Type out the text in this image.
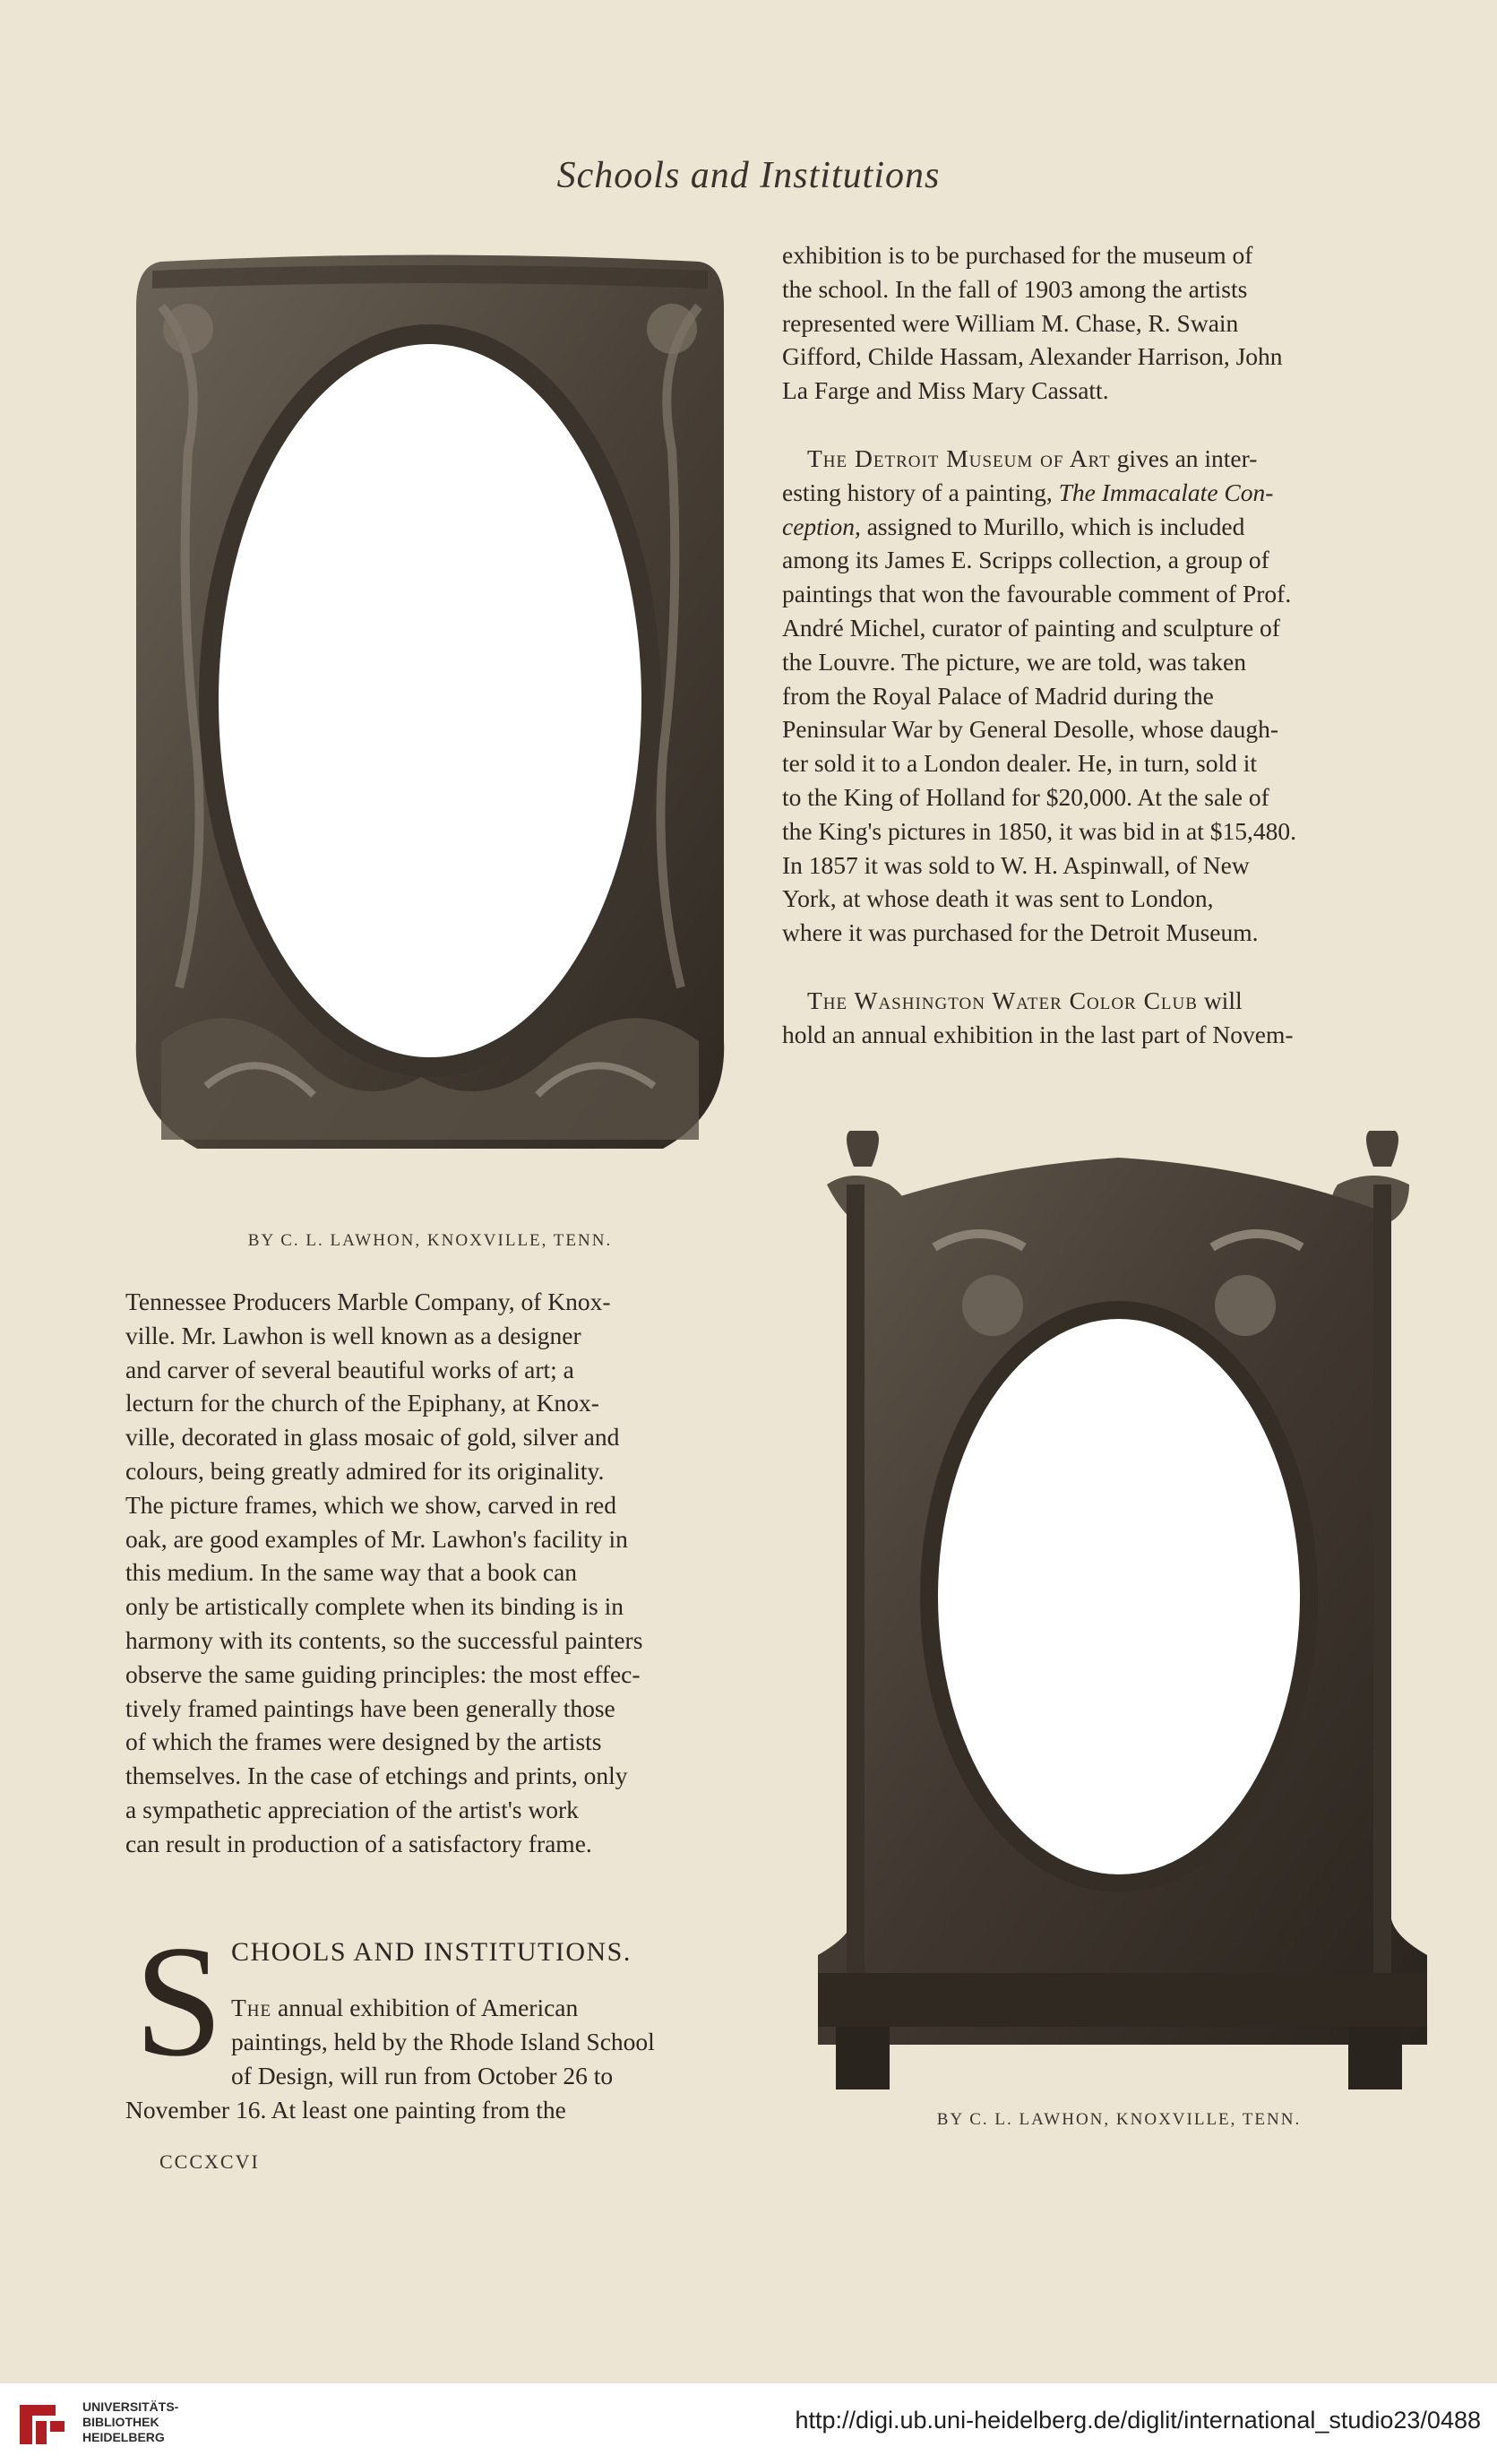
Schools and Institutions
BY C. L. LAWHON, KNOXVILLE, TENN.

exhibition is to be purchased for the museum of
the school. In the fall of 1903 among the artists
represented were William M. Chase, R. Swain
Gifford, Childe Hassam, Alexander Harrison, John
La Farge and Miss Mary Cassatt.

The Detroit Museum of Art gives an inter-
esting history of a painting, The Immacalate Con-
ception, assigned to Murillo, which is included
among its James E. Scripps collection, a group of
paintings that won the favourable comment of Prof.
André Michel, curator of painting and sculpture of
the Louvre. The picture, we are told, was taken
from the Royal Palace of Madrid during the
Peninsular War by General Desolle, whose daugh-
ter sold it to a London dealer. He, in turn, sold it
to the King of Holland for $20,000. At the sale of
the King's pictures in 1850, it was bid in at $15,480.
In 1857 it was sold to W. H. Aspinwall, of New
York, at whose death it was sent to London,
where it was purchased for the Detroit Museum.

The Washington Water Color Club will
hold an annual exhibition in the last part of Novem-

BY C. L. LAWHON, KNOXVILLE, TENN.

Tennessee Producers Marble Company, of Knox-
ville. Mr. Lawhon is well known as a designer
and carver of several beautiful works of art; a
lecturn for the church of the Epiphany, at Knox-
ville, decorated in glass mosaic of gold, silver and
colours, being greatly admired for its originality.
The picture frames, which we show, carved in red
oak, are good examples of Mr. Lawhon's facility in
this medium. In the same way that a book can
only be artistically complete when its binding is in
harmony with its contents, so the successful painters
observe the same guiding principles: the most effec-
tively framed paintings have been generally those
of which the frames were designed by the artists
themselves. In the case of etchings and prints, only
a sympathetic appreciation of the artist's work
can result in production of a satisfactory frame.

S CHOOLS AND INSTITUTIONS.
The annual exhibition of American
paintings, held by the Rhode Island School
of Design, will run from October 26 to
November 16. At least one painting from the
CCCXCVI
UNIVERSITÄTS-
BIBLIOTHEK
HEIDELBERG
http://digi.ub.uni-heidelberg.de/diglit/international_studio23/0488
